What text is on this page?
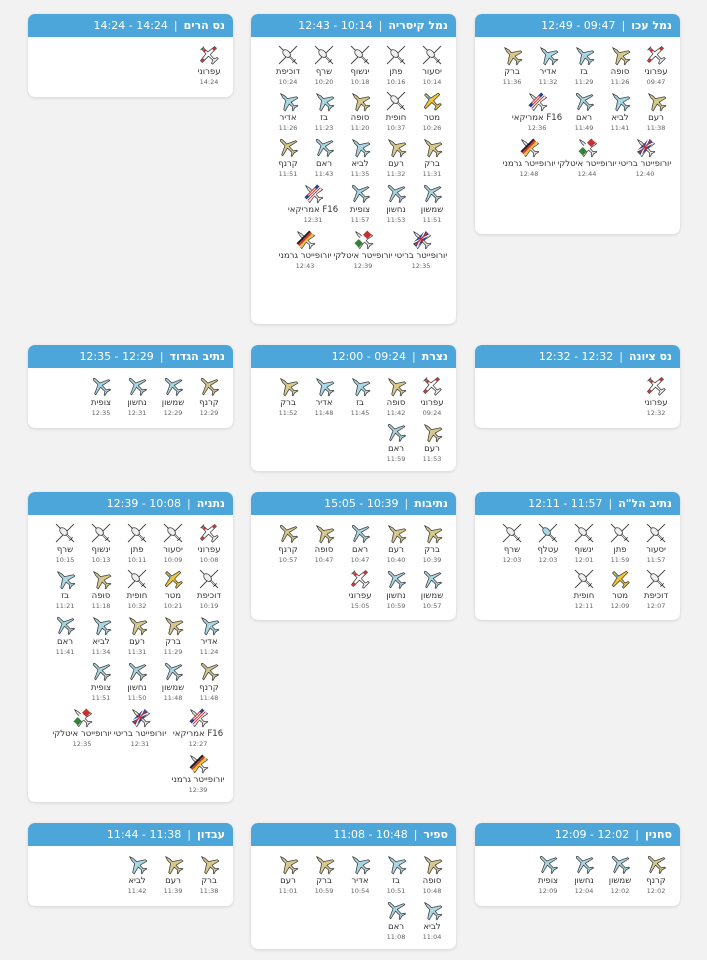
נמל עכו
|
12:49 - 09:47
עפרוני
09:47
סופה
11:26
בז
11:29
אדיר
11:32
ברק
11:36
רעם
11:38
לביא
11:41
ראם
11:49
F16 אמריקאי
12:36
יורופייטר בריטי
12:40
יורופייטר איטלקי
12:44
יורופייטר גרמני
12:48
נמל קיסריה
|
12:43 - 10:14
יסעור
10:14
פתן
10:16
ינשוף
10:18
שרף
10:20
דוכיפת
10:24
מטר
10:26
חופית
10:37
סופה
11:20
בז
11:23
אדיר
11:26
ברק
11:31
רעם
11:32
לביא
11:35
ראם
11:43
קרנף
11:51
שמשון
11:51
נחשון
11:53
צופית
11:57
F16 אמריקאי
12:31
יורופייטר בריטי
12:35
יורופייטר איטלקי
12:39
יורופייטר גרמני
12:43
נס הרים
|
14:24 - 14:24
עפרוני
14:24
נס ציונה
|
12:32 - 12:32
עפרוני
12:32
נצרת
|
12:00 - 09:24
עפרוני
09:24
סופה
11:42
בז
11:45
אדיר
11:48
ברק
11:52
רעם
11:53
ראם
11:59
נתיב הגדוד
|
12:35 - 12:29
קרנף
12:29
שמשון
12:29
נחשון
12:31
צופית
12:35
נתיב הל"ה
|
12:11 - 11:57
יסעור
11:57
פתן
11:59
ינשוף
12:01
עטלף
12:03
שרף
12:03
דוכיפת
12:07
מטר
12:09
חופית
12:11
נתיבות
|
15:05 - 10:39
ברק
10:39
רעם
10:40
ראם
10:47
סופה
10:47
קרנף
10:57
שמשון
10:57
נחשון
10:59
עפרוני
15:05
נתניה
|
12:39 - 10:08
עפרוני
10:08
יסעור
10:09
פתן
10:11
ינשוף
10:13
שרף
10:15
דוכיפת
10:19
מטר
10:21
חופית
10:32
סופה
11:18
בז
11:21
אדיר
11:24
ברק
11:29
רעם
11:31
לביא
11:34
ראם
11:41
קרנף
11:48
שמשון
11:48
נחשון
11:50
צופית
11:51
F16 אמריקאי
12:27
יורופייטר בריטי
12:31
יורופייטר איטלקי
12:35
יורופייטר גרמני
12:39
סחנין
|
12:09 - 12:02
קרנף
12:02
שמשון
12:02
נחשון
12:04
צופית
12:09
ספיר
|
11:08 - 10:48
סופה
10:48
בז
10:51
אדיר
10:54
ברק
10:59
רעם
11:01
לביא
11:04
ראם
11:08
עבדון
|
11:44 - 11:38
ברק
11:38
רעם
11:39
לביא
11:42
